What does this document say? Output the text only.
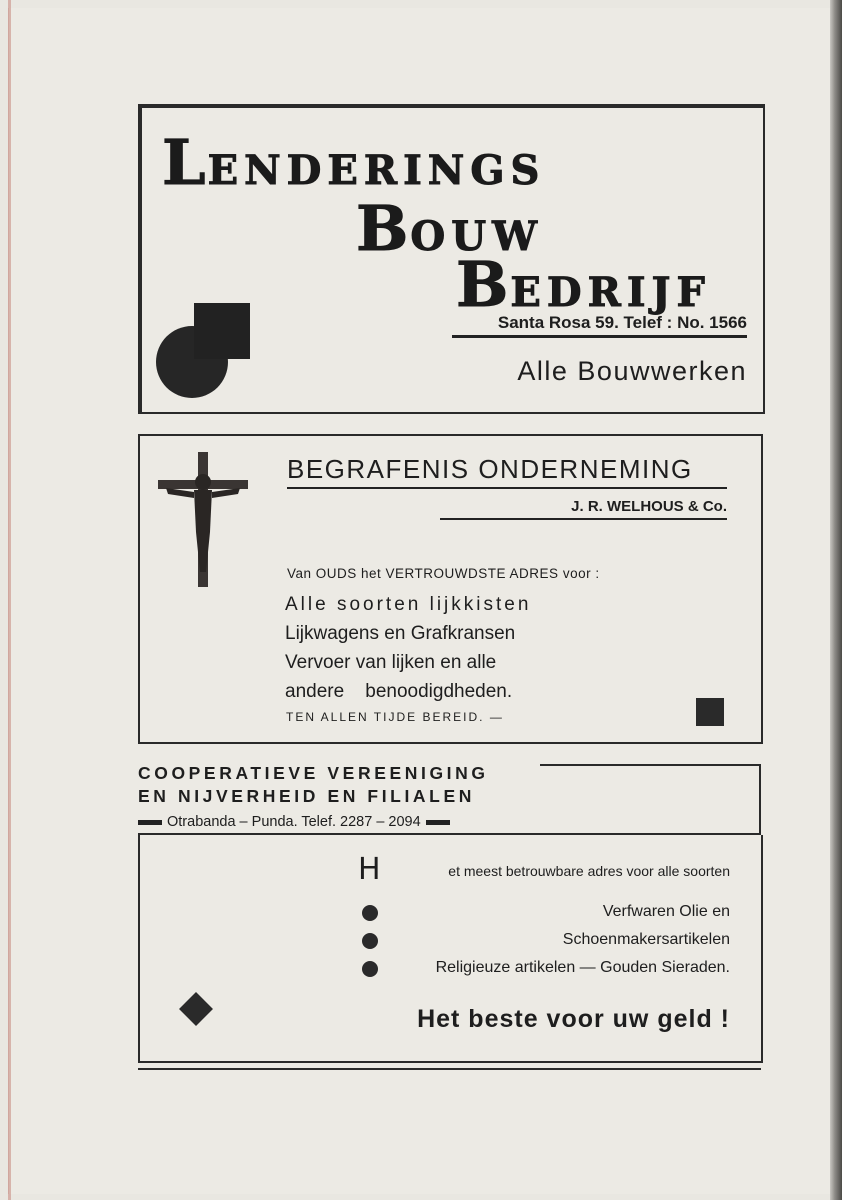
LENDERINGS
BOUW
BEDRIJF
Santa Rosa 59. Telef : No. 1566
Alle Bouwwerken
BEGRAFENIS ONDERNEMING
J. R. WELHOUS & Co.
Van OUDS het VERTROUWDSTE ADRES voor :
Alle soorten lijkkisten
Lijkwagens en Grafkransen
Vervoer van lijken en alle
andere    benoodigdheden.
TEN ALLEN TIJDE BEREID. —
COOPERATIEVE VEREENIGING
EN NIJVERHEID EN FILIALEN
Otrabanda – Punda. Telef. 2287 – 2094
H	et meest betrouwbare adres voor alle soorten
Verfwaren Olie en
Schoenmakersartikelen
Religieuze artikelen — Gouden Sieraden.
Het beste voor uw geld !
